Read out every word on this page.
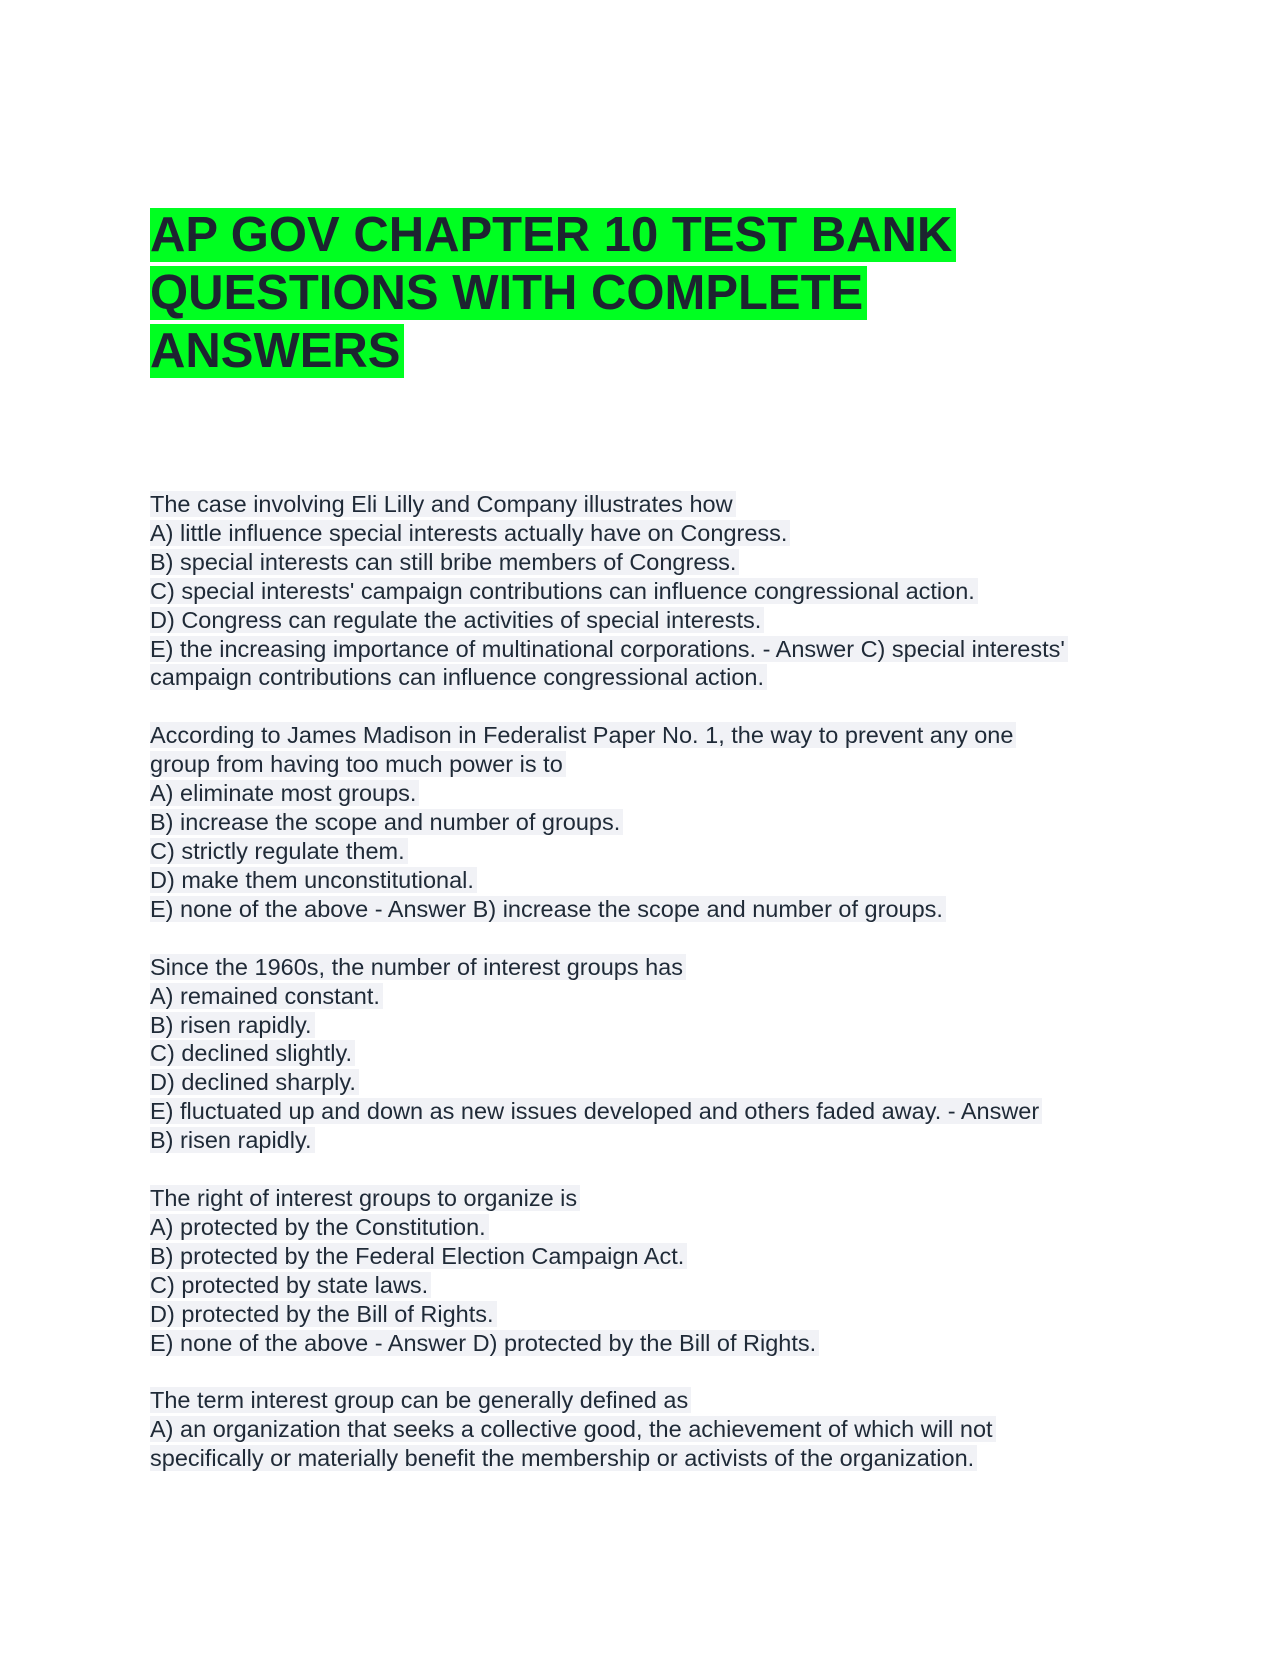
AP GOV CHAPTER 10 TEST BANK
QUESTIONS WITH COMPLETE
ANSWERS
The case involving Eli Lilly and Company illustrates how
A) little influence special interests actually have on Congress.
B) special interests can still bribe members of Congress.
C) special interests' campaign contributions can influence congressional action.
D) Congress can regulate the activities of special interests.
E) the increasing importance of multinational corporations. - Answer C) special interests'
campaign contributions can influence congressional action.
According to James Madison in Federalist Paper No. 1, the way to prevent any one
group from having too much power is to
A) eliminate most groups.
B) increase the scope and number of groups.
C) strictly regulate them.
D) make them unconstitutional.
E) none of the above - Answer B) increase the scope and number of groups.
Since the 1960s, the number of interest groups has
A) remained constant.
B) risen rapidly.
C) declined slightly.
D) declined sharply.
E) fluctuated up and down as new issues developed and others faded away. - Answer
B) risen rapidly.
The right of interest groups to organize is
A) protected by the Constitution.
B) protected by the Federal Election Campaign Act.
C) protected by state laws.
D) protected by the Bill of Rights.
E) none of the above - Answer D) protected by the Bill of Rights.
The term interest group can be generally defined as
A) an organization that seeks a collective good, the achievement of which will not
specifically or materially benefit the membership or activists of the organization.
